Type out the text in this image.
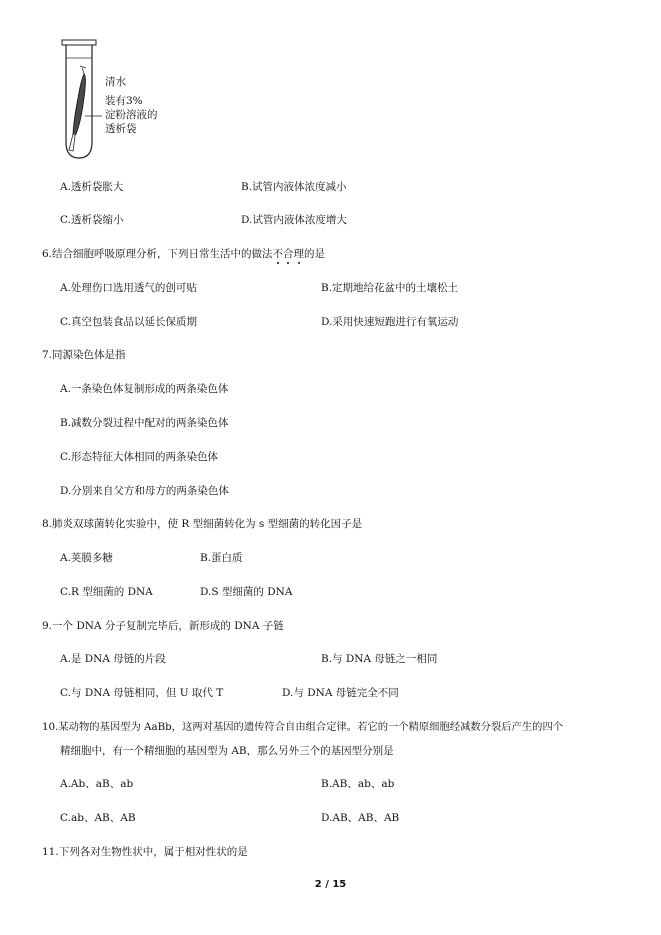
清水
装有3%
淀粉溶液的
透析袋
A.透析袋胀大	B.试管内液体浓度减小
C.透析袋缩小	D.试管内液体浓度增大
6.结合细胞呼吸原理分析，下列日常生活中的做法不合理的是
A.处理伤口选用透气的创可贴	B.定期地给花盆中的土壤松土
C.真空包装食品以延长保质期	D.采用快速短跑进行有氧运动
7.同源染色体是指
A.一条染色体复制形成的两条染色体
B.减数分裂过程中配对的两条染色体
C.形态特征大体相同的两条染色体
D.分别来自父方和母方的两条染色体
8.肺炎双球菌转化实验中，使 R 型细菌转化为 s 型细菌的转化因子是
A.荚膜多糖	B.蛋白质
C.R 型细菌的 DNA	D.S 型细菌的 DNA
9.一个 DNA 分子复制完毕后，新形成的 DNA 子链
A.是 DNA 母链的片段	B.与 DNA 母链之一相同
C.与 DNA 母链相同，但 U 取代 T	D.与 DNA 母链完全不同
10.某动物的基因型为 AaBb，这两对基因的遗传符合自由组合定律。若它的一个精原细胞经减数分裂后产生的四个
精细胞中，有一个精细胞的基因型为 AB，那么另外三个的基因型分别是
A.Ab、aB、ab	B.AB、ab、ab
C.ab、AB、AB	D.AB、AB、AB
11.下列各对生物性状中，属于相对性状的是
2 / 15
